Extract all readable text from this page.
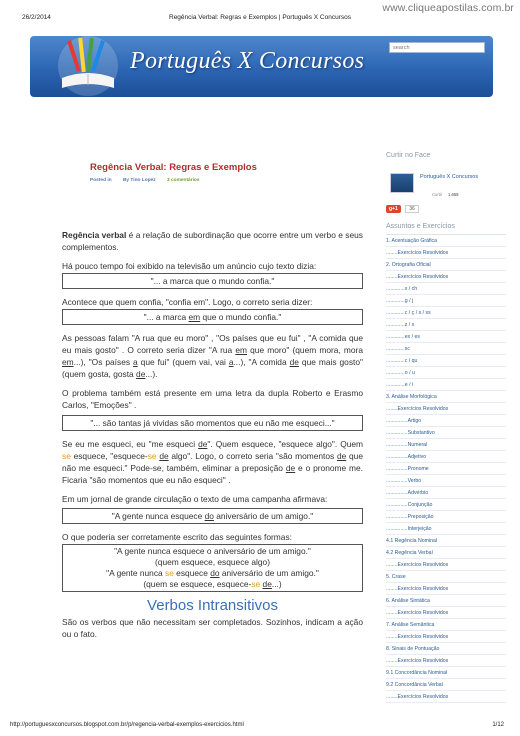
26/2/2014	Regência Verbal: Regras e Exemplos | Português X Concursos
www.cliqueapostilas.com.br
Português X Concursos
search
Regência Verbal: Regras e Exemplos
Posted in By Tino Lopez 3 comentários

Regência verbal é a relação de subordinação que ocorre entre um verbo e seus complementos.

Há pouco tempo foi exibido na televisão um anúncio cujo texto dizia:

"... a marca que o mundo confia."

Acontece que quem confia, "confia em". Logo, o correto seria dizer:

"... a marca em que o mundo confia."

As pessoas falam "A rua que eu moro" , "Os países que eu fui" , "A comida que eu mais gosto" . O correto seria dizer "A rua em que moro" (quem mora, mora em...), "Os países a que fui" (quem vai, vai a...), "A comida de que mais gosto" (quem gosta, gosta de...).

O problema também está presente em uma letra da dupla Roberto e Erasmo Carlos, "Emoções" .

"... são tantas já vividas são momentos que eu não me esqueci..."

Se eu me esqueci, eu "me esqueci de". Quem esquece, "esquece algo". Quem se esquece, "esquece-se de algo". Logo, o correto seria "são momentos de que não me esqueci." Pode-se, também, eliminar a preposição de e o pronome me. Ficaria "são momentos que eu não esqueci" .

Em um jornal de grande circulação o texto de uma campanha afirmava:

"A gente nunca esquece do aniversário de um amigo."

O que poderia ser corretamente escrito das seguintes formas:

"A gente nunca esquece o aniversário de um amigo."
(quem esquece, esquece algo)
"A gente nunca se esquece do aniversário de um amigo."
(quem se esquece, esquece-se de...)
Verbos Intransitivos

São os verbos que não necessitam ser completados. Sozinhos, indicam a ação ou o fato.

Curtir no Face
Português X Concursos
Curtir 1.659
g+1 36
Assuntos e Exercícios
1. Acentuação Gráfica
........Exercícios Resolvidos
2. Ortografia Oficial
........Exercícios Resolvidos
.............x / ch
.............g / j
.............c / ç / s / ss
.............z / s
.............ex / es
.............sc
.............c / qu
.............o / u
.............e / i
3. Análise Morfológica
........Exercícios Resolvidos
...............Artigo
...............Substantivo
...............Numeral
...............Adjetivo
...............Pronome
...............Verbo
...............Advérbio
...............Conjunção
...............Preposição
...............Interjeição
4.1 Regência Nominal
4.2 Regência Verbal
........Exercícios Resolvidos
5. Crase
........Exercícios Resolvidos
6. Análise Sintática
........Exercícios Resolvidos
7. Análise Semântica
........Exercícios Resolvidos
8. Sinais de Pontuação
........Exercícios Resolvidos
9.1 Concordância Nominal
9.2 Concordância Verbal
........Exercícios Resolvidos
http://portuguesxconcursos.blogspot.com.br/p/regencia-verbal-exemplos-exercicios.html	1/12
